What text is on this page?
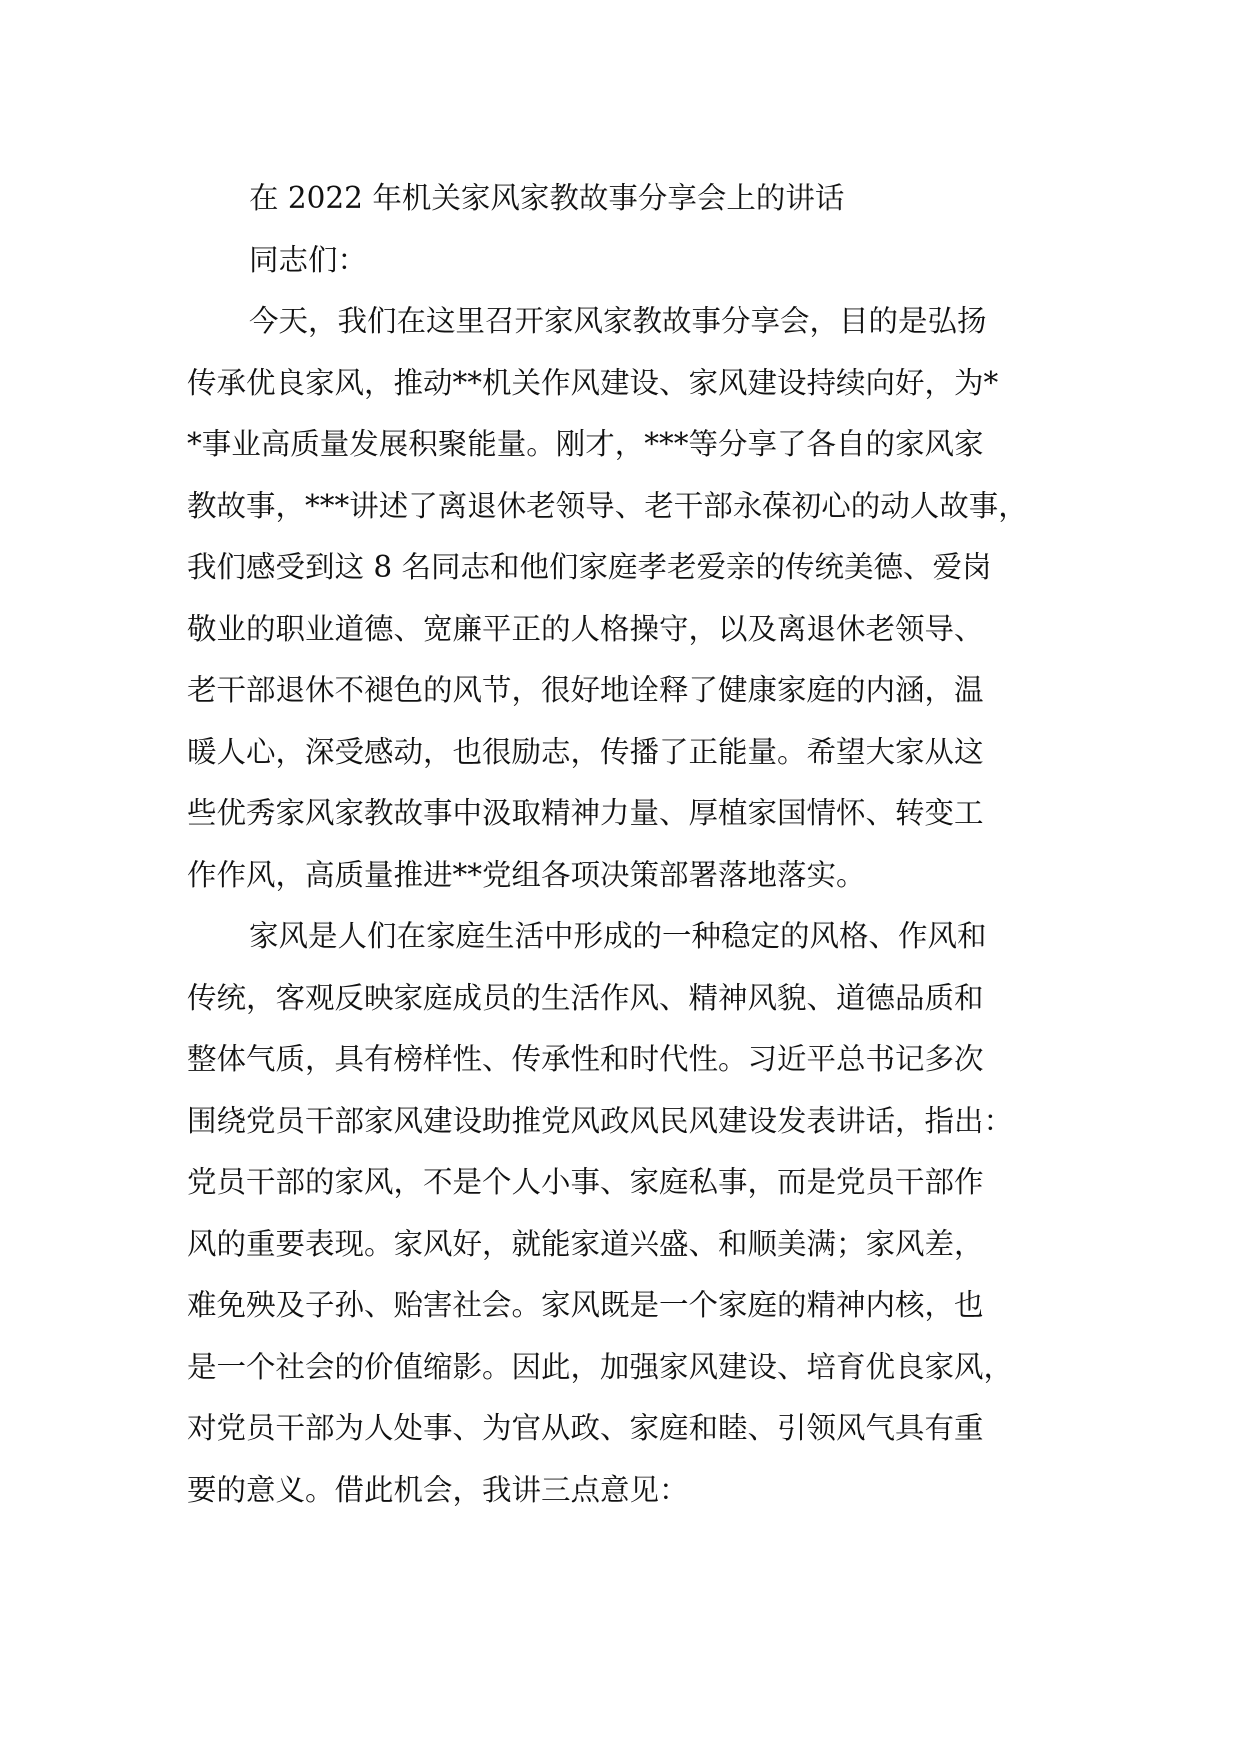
在 2022 年机关家风家教故事分享会上的讲话
同志们：
今天，我们在这里召开家风家教故事分享会，目的是弘扬
传承优良家风，推动**机关作风建设、家风建设持续向好，为*
*事业高质量发展积聚能量。刚才，***等分享了各自的家风家
教故事，***讲述了离退休老领导、老干部永葆初心的动人故事，
我们感受到这 8 名同志和他们家庭孝老爱亲的传统美德、爱岗
敬业的职业道德、宽廉平正的人格操守，以及离退休老领导、
老干部退休不褪色的风节，很好地诠释了健康家庭的内涵，温
暖人心，深受感动，也很励志，传播了正能量。希望大家从这
些优秀家风家教故事中汲取精神力量、厚植家国情怀、转变工
作作风，高质量推进**党组各项决策部署落地落实。
家风是人们在家庭生活中形成的一种稳定的风格、作风和
传统，客观反映家庭成员的生活作风、精神风貌、道德品质和
整体气质，具有榜样性、传承性和时代性。习近平总书记多次
围绕党员干部家风建设助推党风政风民风建设发表讲话，指出：
党员干部的家风，不是个人小事、家庭私事，而是党员干部作
风的重要表现。家风好，就能家道兴盛、和顺美满；家风差，
难免殃及子孙、贻害社会。家风既是一个家庭的精神内核，也
是一个社会的价值缩影。因此，加强家风建设、培育优良家风，
对党员干部为人处事、为官从政、家庭和睦、引领风气具有重
要的意义。借此机会，我讲三点意见：
